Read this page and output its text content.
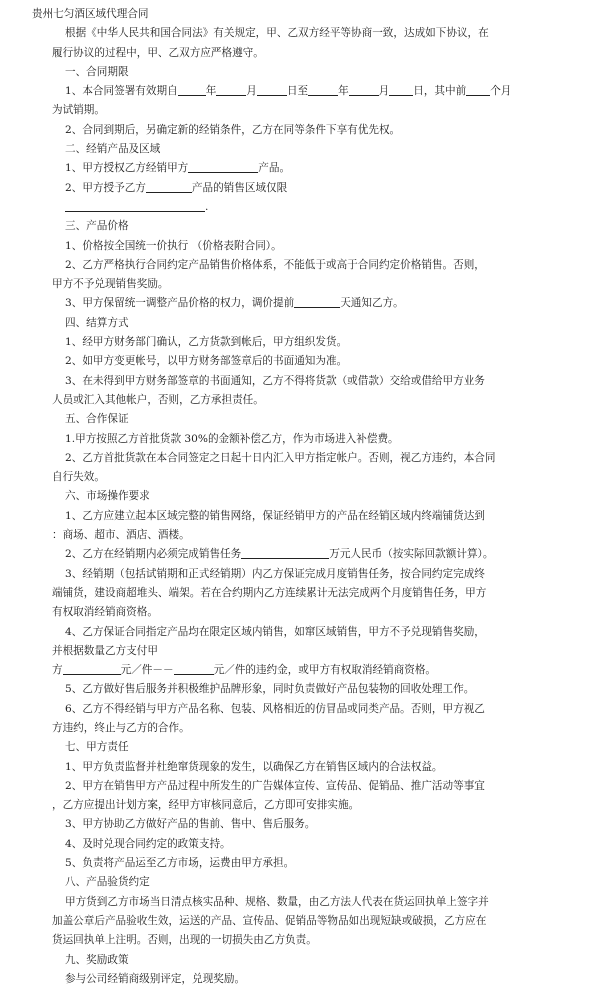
贵州七匀酒区域代理合同
根据《中华人民共和国合同法》有关规定，甲、乙双方经平等协商一致，达成如下协议，在
履行协议的过程中，甲、乙双方应严格遵守。
一、合同期限
1、本合同签署有效期自	年	月	日至	年	月 日，其中前 个月
为试销期。
2、合同到期后，另确定新的经销条件，乙方在同等条件下享有优先权。
二、经销产品及区域
1、甲方授权乙方经销甲方	产品。
2、甲方授予乙方	产品的销售区域仅限
.
三、产品价格
1、价格按全国统一价执行 （价格表附合同）。
2、乙方严格执行合同约定产品销售价格体系，不能低于或高于合同约定价格销售。否则，
甲方不予兑现销售奖励。
3、甲方保留统一调整产品价格的权力，调价提前	天通知乙方。
四、结算方式
1、经甲方财务部门确认，乙方货款到帐后，甲方组织发货。
2、如甲方变更帐号，以甲方财务部签章后的书面通知为准。
3、在未得到甲方财务部签章的书面通知，乙方不得将货款（或借款）交给或借给甲方业务
人员或汇入其他帐户，否则，乙方承担责任。
五、合作保证
1.甲方按照乙方首批货款 30%的金额补偿乙方，作为市场进入补偿费。
2、乙方首批货款在本合同签定之日起十日内汇入甲方指定帐户。否则，视乙方违约，本合同
自行失效。
六、市场操作要求
1、乙方应建立起本区域完整的销售网络，保证经销甲方的产品在经销区域内终端铺货达到
：商场、超市、酒店、酒楼。
2、乙方在经销期内必须完成销售任务	万元人民币（按实际回款额计算）。
3、经销期（包括试销期和正式经销期）内乙方保证完成月度销售任务，按合同约定完成终
端铺货，建设商超堆头、端架。若在合约期内乙方连续累计无法完成两个月度销售任务，甲方
有权取消经销商资格。
4、乙方保证合同指定产品均在限定区域内销售，如窜区域销售，甲方不予兑现销售奖励，
并根据数量乙方支付甲
方	元／件－－	元／件的违约金，或甲方有权取消经销商资格。
5、乙方做好售后服务并积极维护品牌形象，同时负责做好产品包装物的回收处理工作。
6、乙方不得经销与甲方产品名称、包装、风格相近的仿冒品或同类产品。否则，甲方视乙
方违约，终止与乙方的合作。
七、甲方责任
1、甲方负责监督并杜绝窜货现象的发生，以确保乙方在销售区域内的合法权益。
2、甲方在销售甲方产品过程中所发生的广告媒体宣传、宣传品、促销品、推广活动等事宜
，乙方应提出计划方案，经甲方审核同意后，乙方即可安排实施。
3、甲方协助乙方做好产品的售前、售中、售后服务。
4、及时兑现合同约定的政策支持。
5、负责将产品运至乙方市场，运费由甲方承担。
八、产品验货约定
甲方货到乙方市场当日清点核实品种、规格、数量，由乙方法人代表在货运回执单上签字并
加盖公章后产品验收生效，运送的产品、宣传品、促销品等物品如出现短缺或破损，乙方应在
货运回执单上注明。否则，出现的一切损失由乙方负责。
九、奖励政策
参与公司经销商级别评定，兑现奖励。
